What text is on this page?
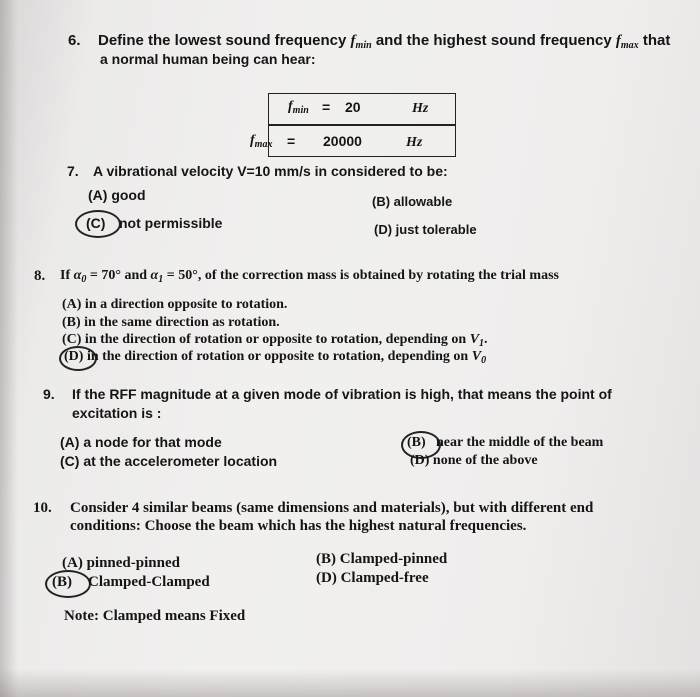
6. Define the lowest sound frequency $f_{min}$ and the highest sound frequency $f_{max}$ that
a normal human being can hear:
$f_{min} = 20$	Hz
$f_{max} = 20000$	Hz
7. A vibrational velocity V=10 mm/s in considered to be:
(A) good	(B) allowable
(C) not permissible	(D) just tolerable
8. If $\alpha_0 = 70^\circ$ and $\alpha_1 = 50^\circ$, of the correction mass is obtained by rotating the trial mass
(A) in a direction opposite to rotation.
(B) in the same direction as rotation.
(C) in the direction of rotation or opposite to rotation, depending on $V_1$.
(D) in the direction of rotation or opposite to rotation, depending on $V_0$
9. If the RFF magnitude at a given mode of vibration is high, that means the point of
excitation is :
(A) a node for that mode
(C) at the accelerometer location
(B) near the middle of the beam
(D) none of the above
10. Consider 4 similar beams (same dimensions and materials), but with different end
conditions: Choose the beam which has the highest natural frequencies.
(A) pinned-pinned
(B) Clamped-Clamped
(B) Clamped-pinned
(D) Clamped-free
Note: Clamped means Fixed
